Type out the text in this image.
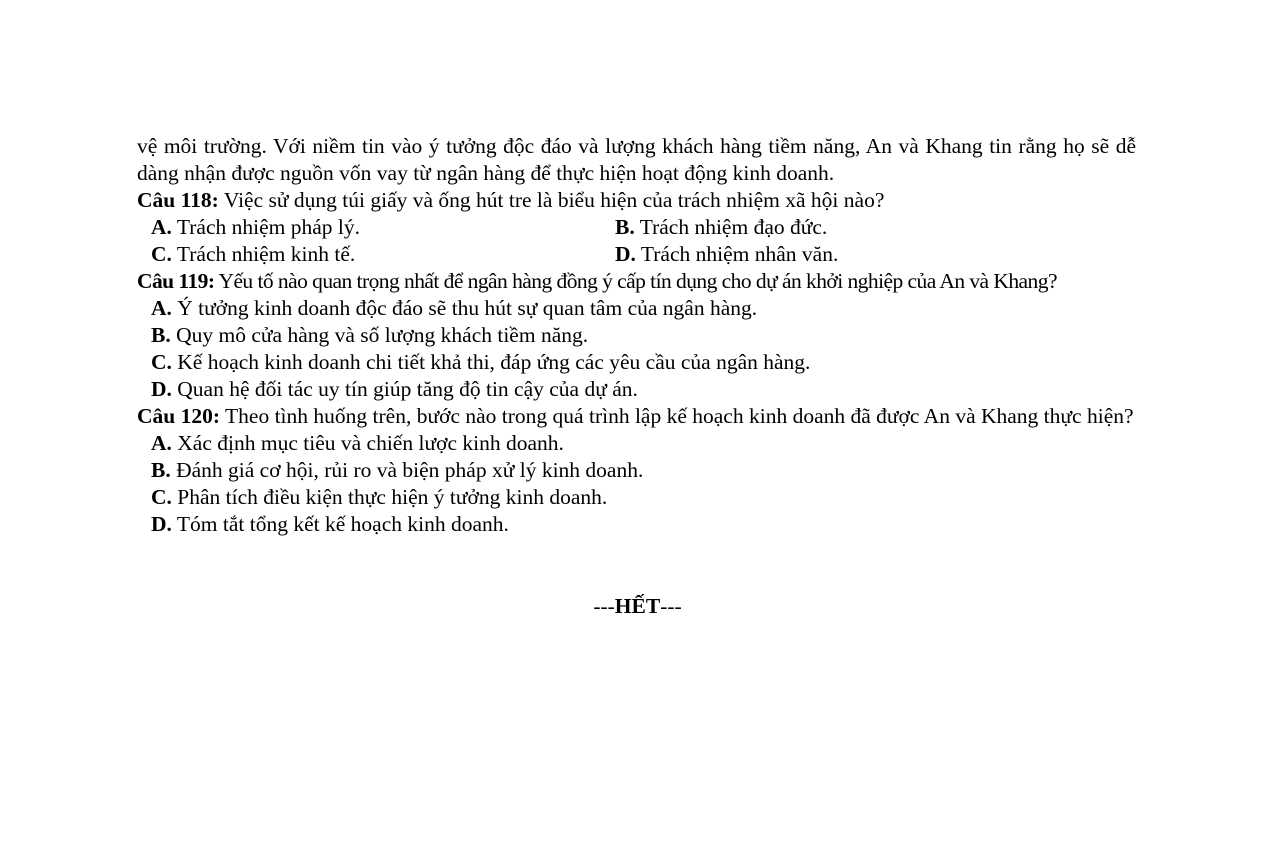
vệ môi trường. Với niềm tin vào ý tưởng độc đáo và lượng khách hàng tiềm năng, An và Khang tin rằng họ sẽ dễ dàng nhận được nguồn vốn vay từ ngân hàng để thực hiện hoạt động kinh doanh.
Câu 118: Việc sử dụng túi giấy và ống hút tre là biểu hiện của trách nhiệm xã hội nào?
A. Trách nhiệm pháp lý.	B. Trách nhiệm đạo đức.
C. Trách nhiệm kinh tế.	D. Trách nhiệm nhân văn.
Câu 119: Yếu tố nào quan trọng nhất để ngân hàng đồng ý cấp tín dụng cho dự án khởi nghiệp của An và Khang?
A. Ý tưởng kinh doanh độc đáo sẽ thu hút sự quan tâm của ngân hàng.
B. Quy mô cửa hàng và số lượng khách tiềm năng.
C. Kế hoạch kinh doanh chi tiết khả thi, đáp ứng các yêu cầu của ngân hàng.
D. Quan hệ đối tác uy tín giúp tăng độ tin cậy của dự án.
Câu 120: Theo tình huống trên, bước nào trong quá trình lập kế hoạch kinh doanh đã được An và Khang thực hiện?
A. Xác định mục tiêu và chiến lược kinh doanh.
B. Đánh giá cơ hội, rủi ro và biện pháp xử lý kinh doanh.
C. Phân tích điều kiện thực hiện ý tưởng kinh doanh.
D. Tóm tắt tổng kết kế hoạch kinh doanh.
---HẾT---
